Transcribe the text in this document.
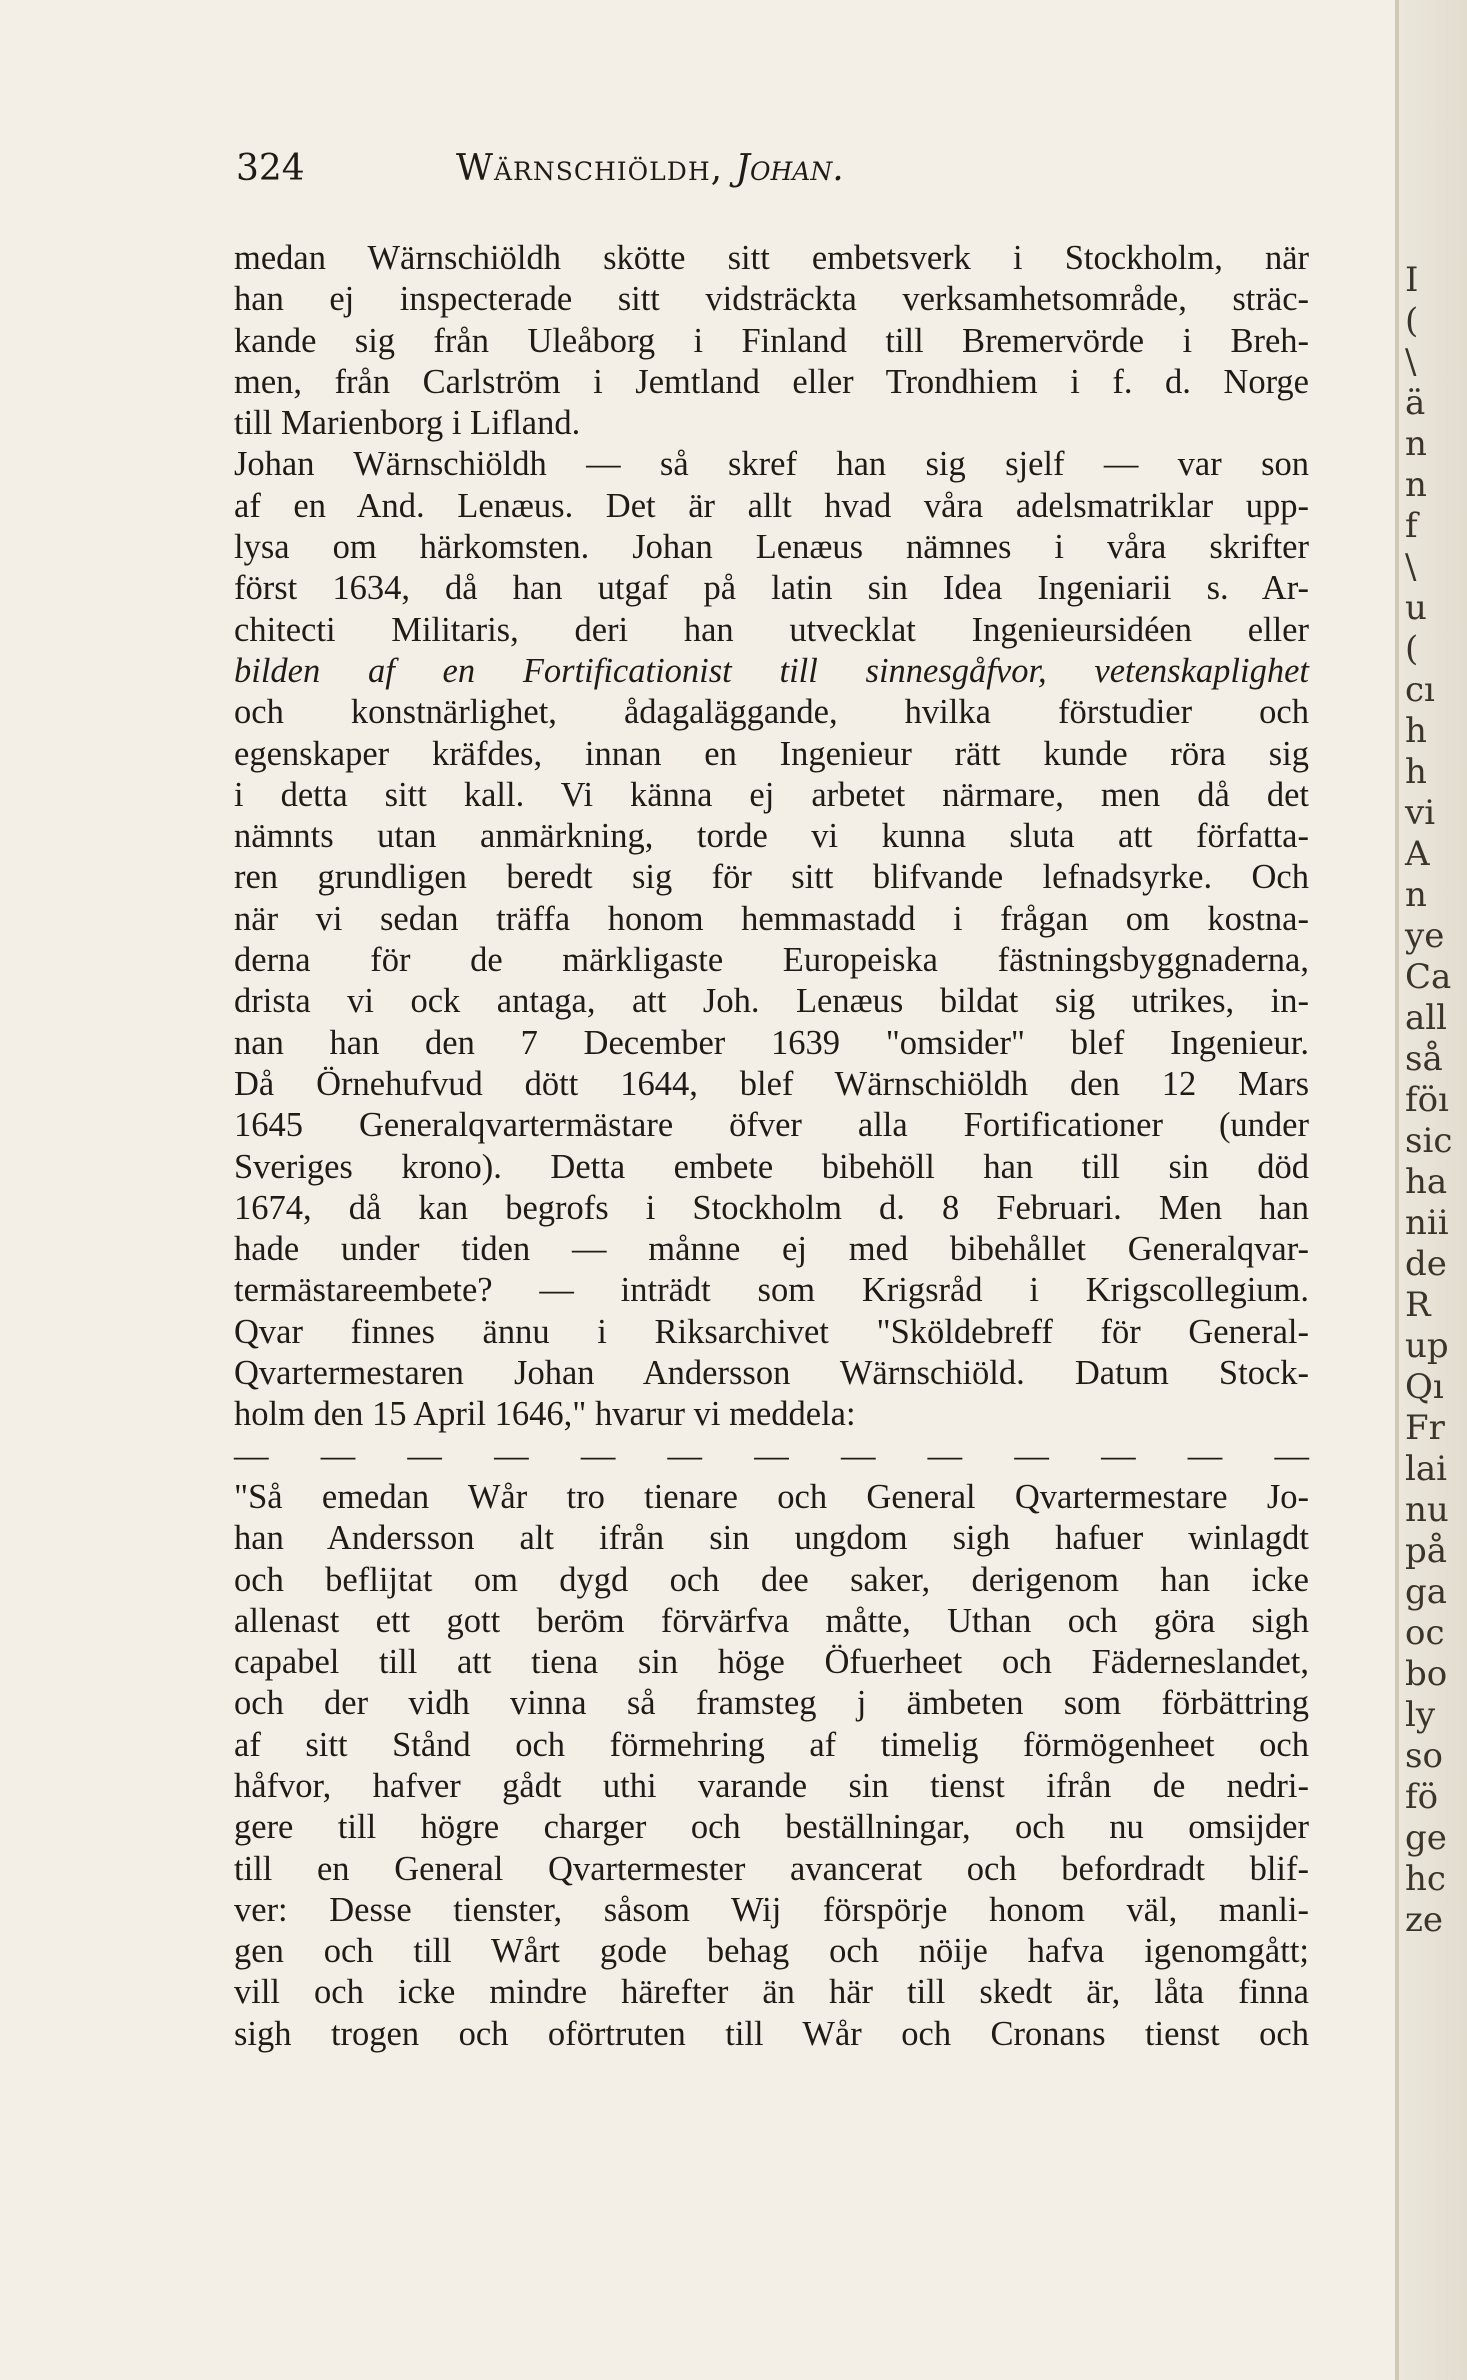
I
(
\
ä
n
n
f
\
u
(
cı
h
h
vi
A
n
ye
Ca
all
så
föı
sic
ha
nii
de
R
up
Qı
Fr
lai
nu
på
ga
oc
bo
ly
so
fö
ge
hc
ze
324	Wärnschiöldh, Johan.
medan Wärnschiöldh skötte sitt embetsverk i Stockholm, när
han ej inspecterade sitt vidsträckta verksamhetsområde, sträc-
kande sig från Uleåborg i Finland till Bremervörde i Breh-
men, från Carlström i Jemtland eller Trondhiem i f. d. Norge
till Marienborg i Lifland.
Johan Wärnschiöldh — så skref han sig sjelf — var son
af en And. Lenæus. Det är allt hvad våra adelsmatriklar upp-
lysa om härkomsten. Johan Lenæus nämnes i våra skrifter
först 1634, då han utgaf på latin sin Idea Ingeniarii s. Ar-
chitecti Militaris, deri han utvecklat Ingenieursidéen eller
bilden af en Fortificationist till sinnesgåfvor, vetenskaplighet
och konstnärlighet, ådagaläggande, hvilka förstudier och
egenskaper kräfdes, innan en Ingenieur rätt kunde röra sig
i detta sitt kall. Vi känna ej arbetet närmare, men då det
nämnts utan anmärkning, torde vi kunna sluta att författa-
ren grundligen beredt sig för sitt blifvande lefnadsyrke. Och
när vi sedan träffa honom hemmastadd i frågan om kostna-
derna för de märkligaste Europeiska fästningsbyggnaderna,
drista vi ock antaga, att Joh. Lenæus bildat sig utrikes, in-
nan han den 7 December 1639 "omsider" blef Ingenieur.
Då Örnehufvud dött 1644, blef Wärnschiöldh den 12 Mars
1645 Generalqvartermästare öfver alla Fortificationer (under
Sveriges krono). Detta embete bibehöll han till sin död
1674, då kan begrofs i Stockholm d. 8 Februari. Men han
hade under tiden — månne ej med bibehållet Generalqvar-
termästareembete? — inträdt som Krigsråd i Krigscollegium.
Qvar finnes ännu i Riksarchivet "Sköldebreff för General-
Qvartermestaren Johan Andersson Wärnschiöld. Datum Stock-
holm den 15 April 1646," hvarur vi meddela:
— — — — — — — — — — — — —
"Så emedan Wår tro tienare och General Qvartermestare Jo-
han Andersson alt ifrån sin ungdom sigh hafuer winlagdt
och beflijtat om dygd och dee saker, derigenom han icke
allenast ett gott beröm förvärfva måtte, Uthan och göra sigh
capabel till att tiena sin höge Öfuerheet och Fäderneslandet,
och der vidh vinna så framsteg j ämbeten som förbättring
af sitt Stånd och förmehring af timelig förmögenheet och
håfvor, hafver gådt uthi varande sin tienst ifrån de nedri-
gere till högre charger och beställningar, och nu omsijder
till en General Qvartermester avancerat och befordradt blif-
ver: Desse tienster, såsom Wij förspörje honom väl, manli-
gen och till Wårt gode behag och nöije hafva igenomgått;
vill och icke mindre härefter än här till skedt är, låta finna
sigh trogen och oförtruten till Wår och Cronans tienst och
